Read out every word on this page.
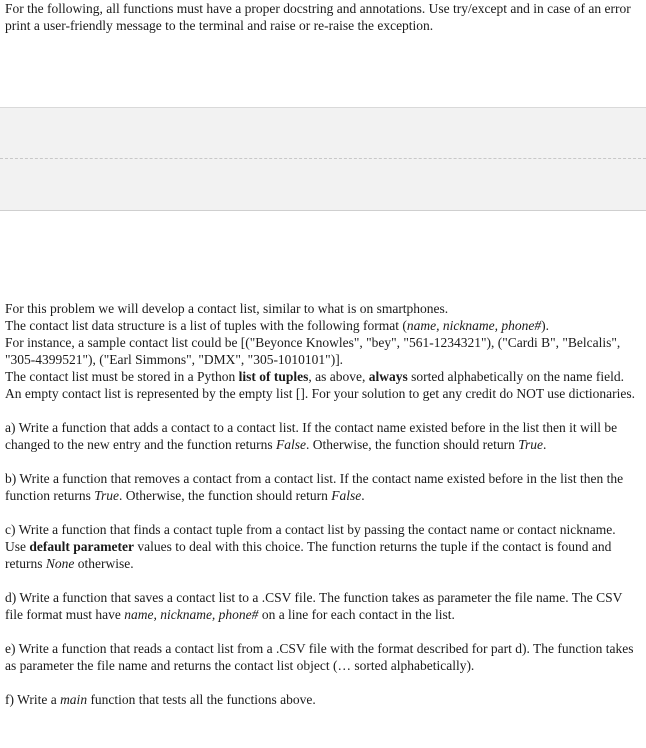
For the following, all functions must have a proper docstring and annotations. Use try/except and in case of an error print a user-friendly message to the terminal and raise or re-raise the exception.

For this problem we will develop a contact list, similar to what is on smartphones.
The contact list data structure is a list of tuples with the following format (name, nickname, phone#).
For instance, a sample contact list could be [("Beyonce Knowles", "bey", "561-1234321"), ("Cardi B", "Belcalis", "305-4399521"), ("Earl Simmons", "DMX", "305-1010101")].
The contact list must be stored in a Python list of tuples, as above, always sorted alphabetically on the name field. An empty contact list is represented by the empty list []. For your solution to get any credit do NOT use dictionaries.

a) Write a function that adds a contact to a contact list. If the contact name existed before in the list then it will be changed to the new entry and the function returns False. Otherwise, the function should return True.

b) Write a function that removes a contact from a contact list. If the contact name existed before in the list then the function returns True. Otherwise, the function should return False.

c) Write a function that finds a contact tuple from a contact list by passing the contact name or contact nickname. Use default parameter values to deal with this choice. The function returns the tuple if the contact is found and returns None otherwise.

d) Write a function that saves a contact list to a .CSV file. The function takes as parameter the file name. The CSV file format must have name, nickname, phone# on a line for each contact in the list.

e) Write a function that reads a contact list from a .CSV file with the format described for part d). The function takes as parameter the file name and returns the contact list object (… sorted alphabetically).

f) Write a main function that tests all the functions above.
